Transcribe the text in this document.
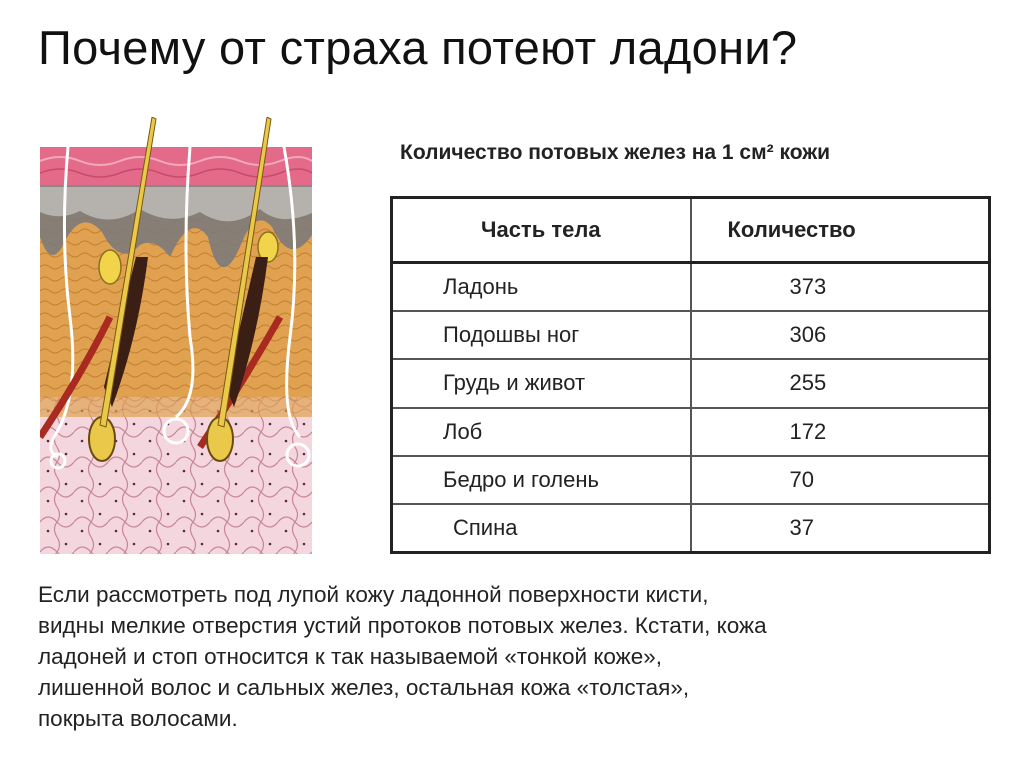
Почему от страха потеют ладони?
Количество потовых желез на 1 см² кожи
Часть тела	Количество
Ладонь	373
Подошвы ног	306
Грудь и живот	255
Лоб	172
Бедро и голень	70
Спина	37

Если рассмотреть под лупой кожу ладонной поверхности кисти,
видны мелкие отверстия устий протоков потовых желез. Кстати, кожа
ладоней и стоп относится к так называемой «тонкой коже»,
лишенной волос и сальных желез, остальная кожа «толстая»,
покрыта волосами.
